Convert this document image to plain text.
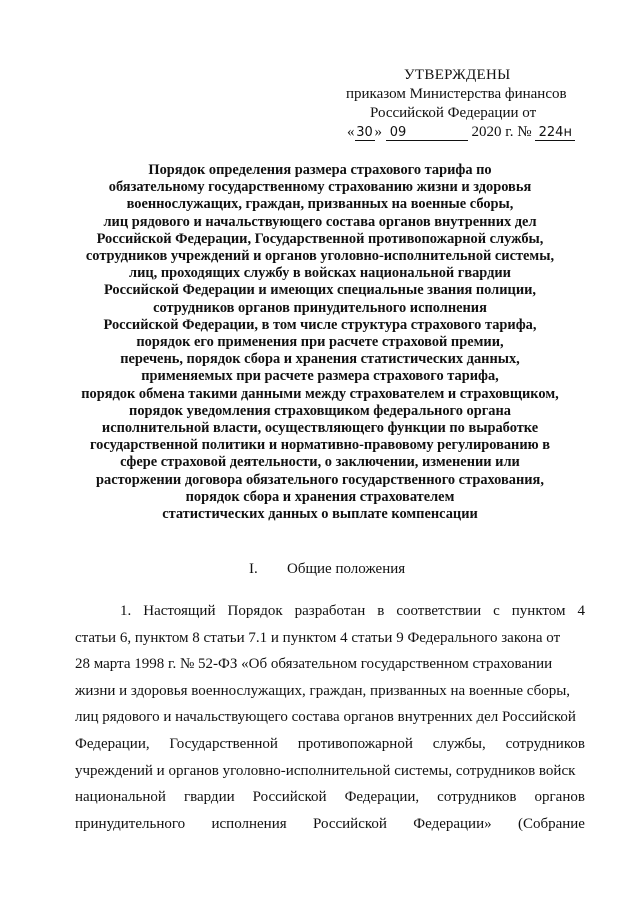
УТВЕРЖДЕНЫ
приказом Министерства финансов
Российской Федерации от
« 30 » 09	2020 г. № 224н
Порядок определения размера страхового тарифа по
обязательному государственному страхованию жизни и здоровья
военнослужащих, граждан, призванных на военные сборы,
лиц рядового и начальствующего состава органов внутренних дел
Российской Федерации, Государственной противопожарной службы,
сотрудников учреждений и органов уголовно-исполнительной системы,
лиц, проходящих службу в войсках национальной гвардии
Российской Федерации и имеющих специальные звания полиции,
сотрудников органов принудительного исполнения
Российской Федерации, в том числе структура страхового тарифа,
порядок его применения при расчете страховой премии,
перечень, порядок сбора и хранения статистических данных,
применяемых при расчете размера страхового тарифа,
порядок обмена такими данными между страхователем и страховщиком,
порядок уведомления страховщиком федерального органа
исполнительной власти, осуществляющего функции по выработке
государственной политики и нормативно-правовому регулированию в
сфере страховой деятельности, о заключении, изменении или
расторжении договора обязательного государственного страхования,
порядок сбора и хранения страхователем
статистических данных о выплате компенсации
I. Общие положения
1. Настоящий Порядок разработан в соответствии с пунктом 4
статьи 6, пунктом 8 статьи 7.1 и пунктом 4 статьи 9 Федерального закона от
28 марта 1998 г. № 52-ФЗ «Об обязательном государственном страховании
жизни и здоровья военнослужащих, граждан, призванных на военные сборы,
лиц рядового и начальствующего состава органов внутренних дел Российской
Федерации, Государственной противопожарной службы, сотрудников
учреждений и органов уголовно-исполнительной системы, сотрудников войск
национальной гвардии Российской Федерации, сотрудников органов
принудительного исполнения Российской Федерации» (Собрание
